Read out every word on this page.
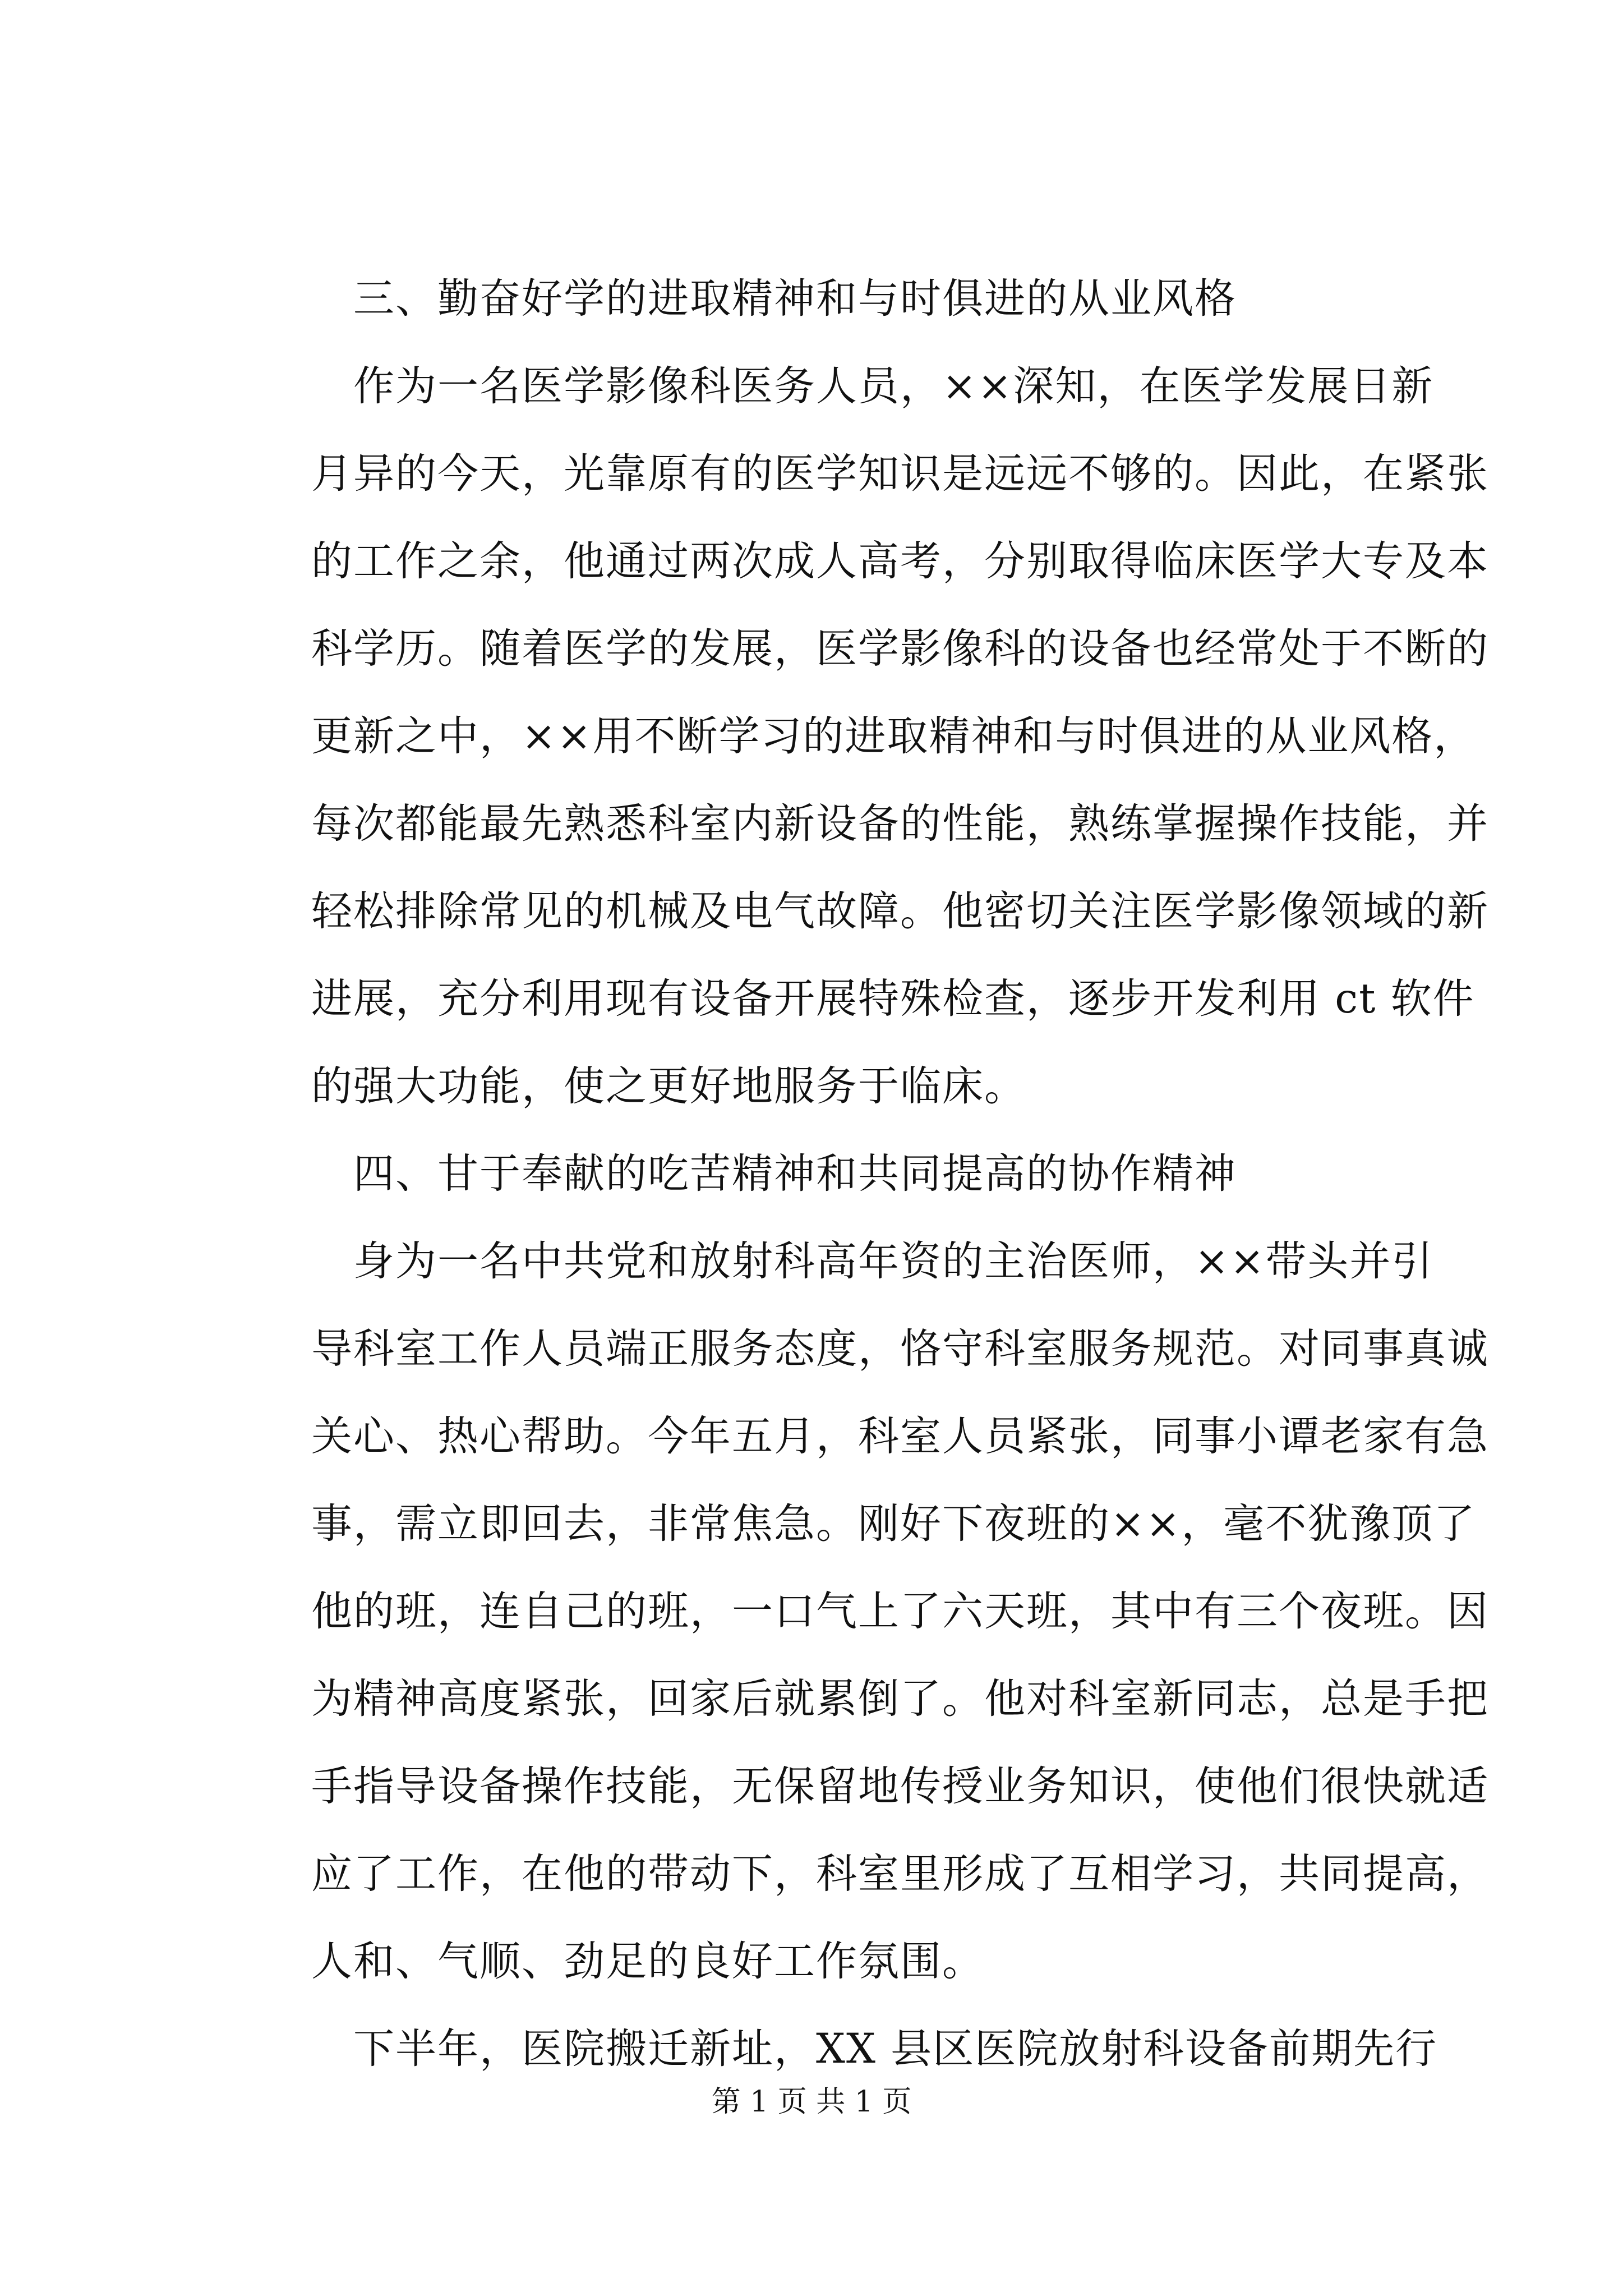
　三、勤奋好学的进取精神和与时俱进的从业风格
　作为一名医学影像科医务人员，××深知，在医学发展日新
月异的今天，光靠原有的医学知识是远远不够的。因此，在紧张
的工作之余，他通过两次成人高考，分别取得临床医学大专及本
科学历。随着医学的发展，医学影像科的设备也经常处于不断的
更新之中，××用不断学习的进取精神和与时俱进的从业风格，
每次都能最先熟悉科室内新设备的性能，熟练掌握操作技能，并
轻松排除常见的机械及电气故障。他密切关注医学影像领域的新
进展，充分利用现有设备开展特殊检查，逐步开发利用 ct 软件
的强大功能，使之更好地服务于临床。
　四、甘于奉献的吃苦精神和共同提高的协作精神
　身为一名中共党和放射科高年资的主治医师，××带头并引
导科室工作人员端正服务态度，恪守科室服务规范。对同事真诚
关心、热心帮助。今年五月，科室人员紧张，同事小谭老家有急
事，需立即回去，非常焦急。刚好下夜班的××，毫不犹豫顶了
他的班，连自己的班，一口气上了六天班，其中有三个夜班。因
为精神高度紧张，回家后就累倒了。他对科室新同志，总是手把
手指导设备操作技能，无保留地传授业务知识，使他们很快就适
应了工作，在他的带动下，科室里形成了互相学习，共同提高，
人和、气顺、劲足的良好工作氛围。
　下半年，医院搬迁新址，XX 县区医院放射科设备前期先行
第 1 页 共 1 页
